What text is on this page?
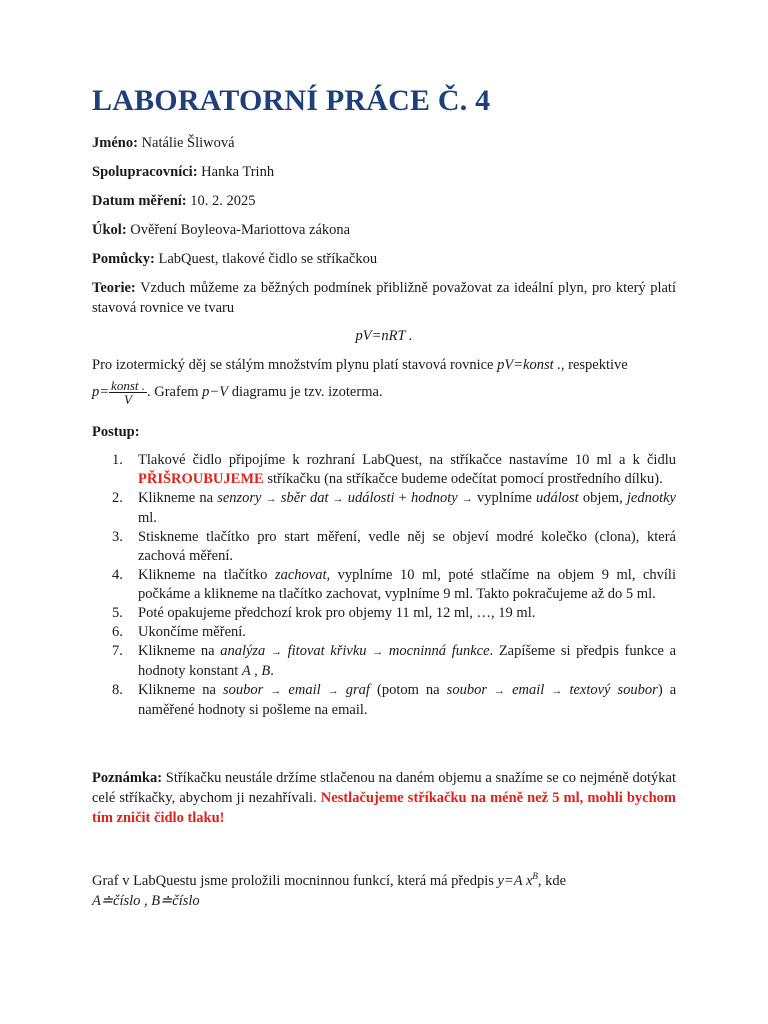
LABORATORNÍ PRÁCE Č. 4
Jméno: Natálie Šliwová
Spolupracovníci: Hanka Trinh
Datum měření: 10. 2. 2025
Úkol: Ověření Boyleova-Mariottova zákona
Pomůcky: LabQuest, tlakové čidlo se stříkačkou
Teorie: Vzduch můžeme za běžných podmínek přibližně považovat za ideální plyn, pro který platí stavová rovnice ve tvaru
pV=nRT .
Pro izotermický děj se stálým množstvím plynu platí stavová rovnice pV=konst ., respektive
$p= \frac{\text{konst .}}{V}$ . Grafem p−V diagramu je tzv. izoterma.
Postup:
1. Tlakové čidlo připojíme k rozhraní LabQuest, na stříkačce nastavíme 10 ml a k čidlu PŘIŠROUBUJEME stříkačku (na stříkačce budeme odečítat pomocí prostředního dílku).
2. Klikneme na senzory → sběr dat → události + hodnoty → vyplníme událost objem, jednotky ml.
3. Stiskneme tlačítko pro start měření, vedle něj se objeví modré kolečko (clona), která zachová měření.
4. Klikneme na tlačítko zachovat, vyplníme 10 ml, poté stlačíme na objem 9 ml, chvíli počkáme a klikneme na tlačítko zachovat, vyplníme 9 ml. Takto pokračujeme až do 5 ml.
5. Poté opakujeme předchozí krok pro objemy 11 ml, 12 ml, …, 19 ml.
6. Ukončíme měření.
7. Klikneme na analýza → fitovat křivku → mocninná funkce. Zapíšeme si předpis funkce a hodnoty konstant A , B.
8. Klikneme na soubor → email → graf (potom na soubor → email → textový soubor) a naměřené hodnoty si pošleme na email.
Poznámka: Stříkačku neustále držíme stlačenou na daném objemu a snažíme se co nejméně dotýkat celé stříkačky, abychom ji nezahřívali. Nestlačujeme stříkačku na méně než 5 ml, mohli bychom tím zničit čidlo tlaku!
Graf v LabQuestu jsme proložili mocninnou funkcí, která má předpis y=A $x^B$, kde
A≐číslo , B≐číslo
